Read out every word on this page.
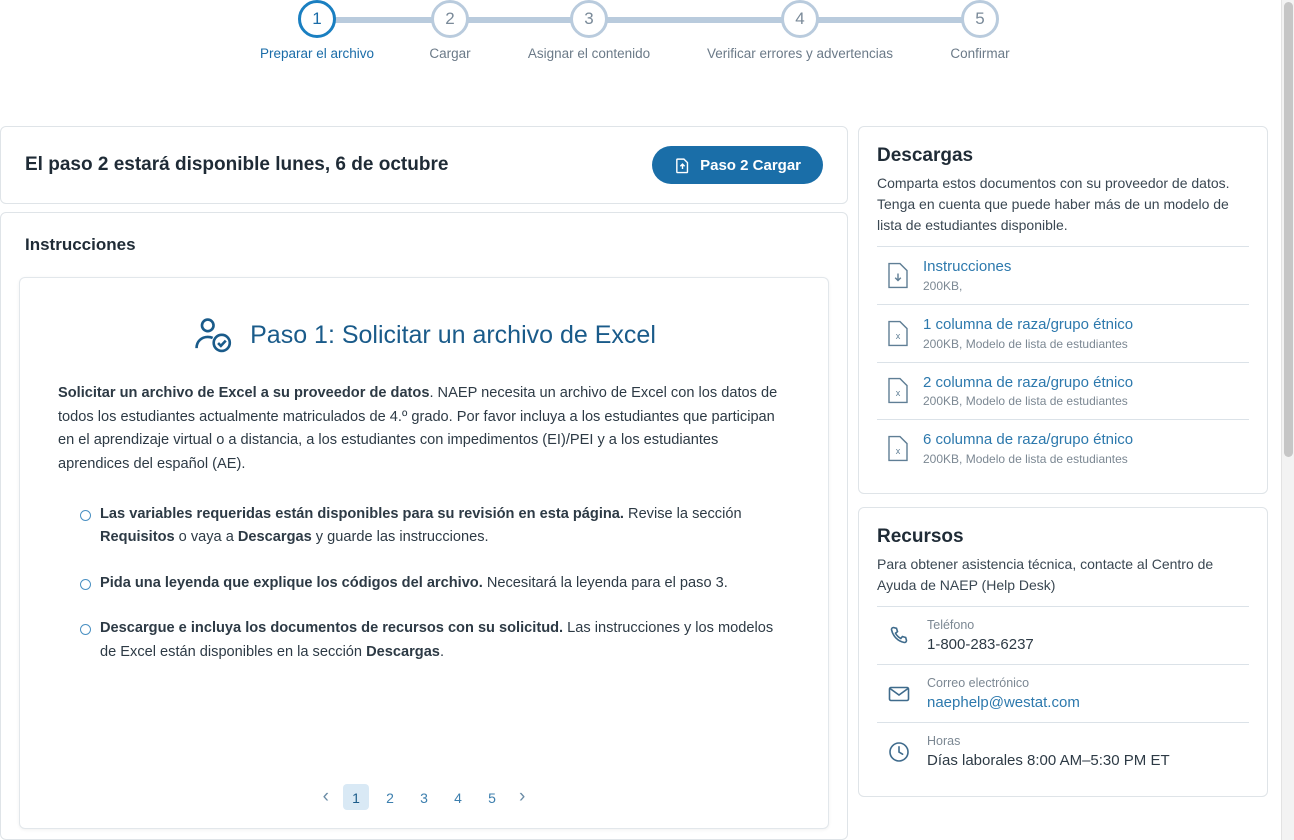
1
Preparar el archivo
2
Cargar
3
Asignar el contenido
4
Verificar errores y advertencias
5
Confirmar
El paso 2 estará disponible lunes, 6 de octubre	Paso 2 Cargar
Instrucciones
Paso 1: Solicitar un archivo de Excel

Solicitar un archivo de Excel a su proveedor de datos. NAEP necesita un archivo de Excel con los datos de todos los estudiantes actualmente matriculados de 4.º grado. Por favor incluya a los estudiantes que participan en el aprendizaje virtual o a distancia, a los estudiantes con impedimentos (EI)/PEI y a los estudiantes aprendices del español (AE).

Las variables requeridas están disponibles para su revisión en esta página. Revise la sección Requisitos o vaya a Descargas y guarde las instrucciones.
Pida una leyenda que explique los códigos del archivo. Necesitará la leyenda para el paso 3.
Descargue e incluya los documentos de recursos con su solicitud. Las instrucciones y los modelos de Excel están disponibles en la sección Descargas.
‹	1	2	3	4	5	›
Descargas

Comparta estos documentos con su proveedor de datos. Tenga en cuenta que puede haber más de un modelo de lista de estudiantes disponible.

Instrucciones
200KB,
x
1 columna de raza/grupo étnico
200KB, Modelo de lista de estudiantes
x
2 columna de raza/grupo étnico
200KB, Modelo de lista de estudiantes
x
6 columna de raza/grupo étnico
200KB, Modelo de lista de estudiantes
Recursos

Para obtener asistencia técnica, contacte al Centro de Ayuda de NAEP (Help Desk)

Teléfono
1-800-283-6237
Correo electrónico
naephelp@westat.com
Horas
Días laborales 8:00 AM–5:30 PM ET
